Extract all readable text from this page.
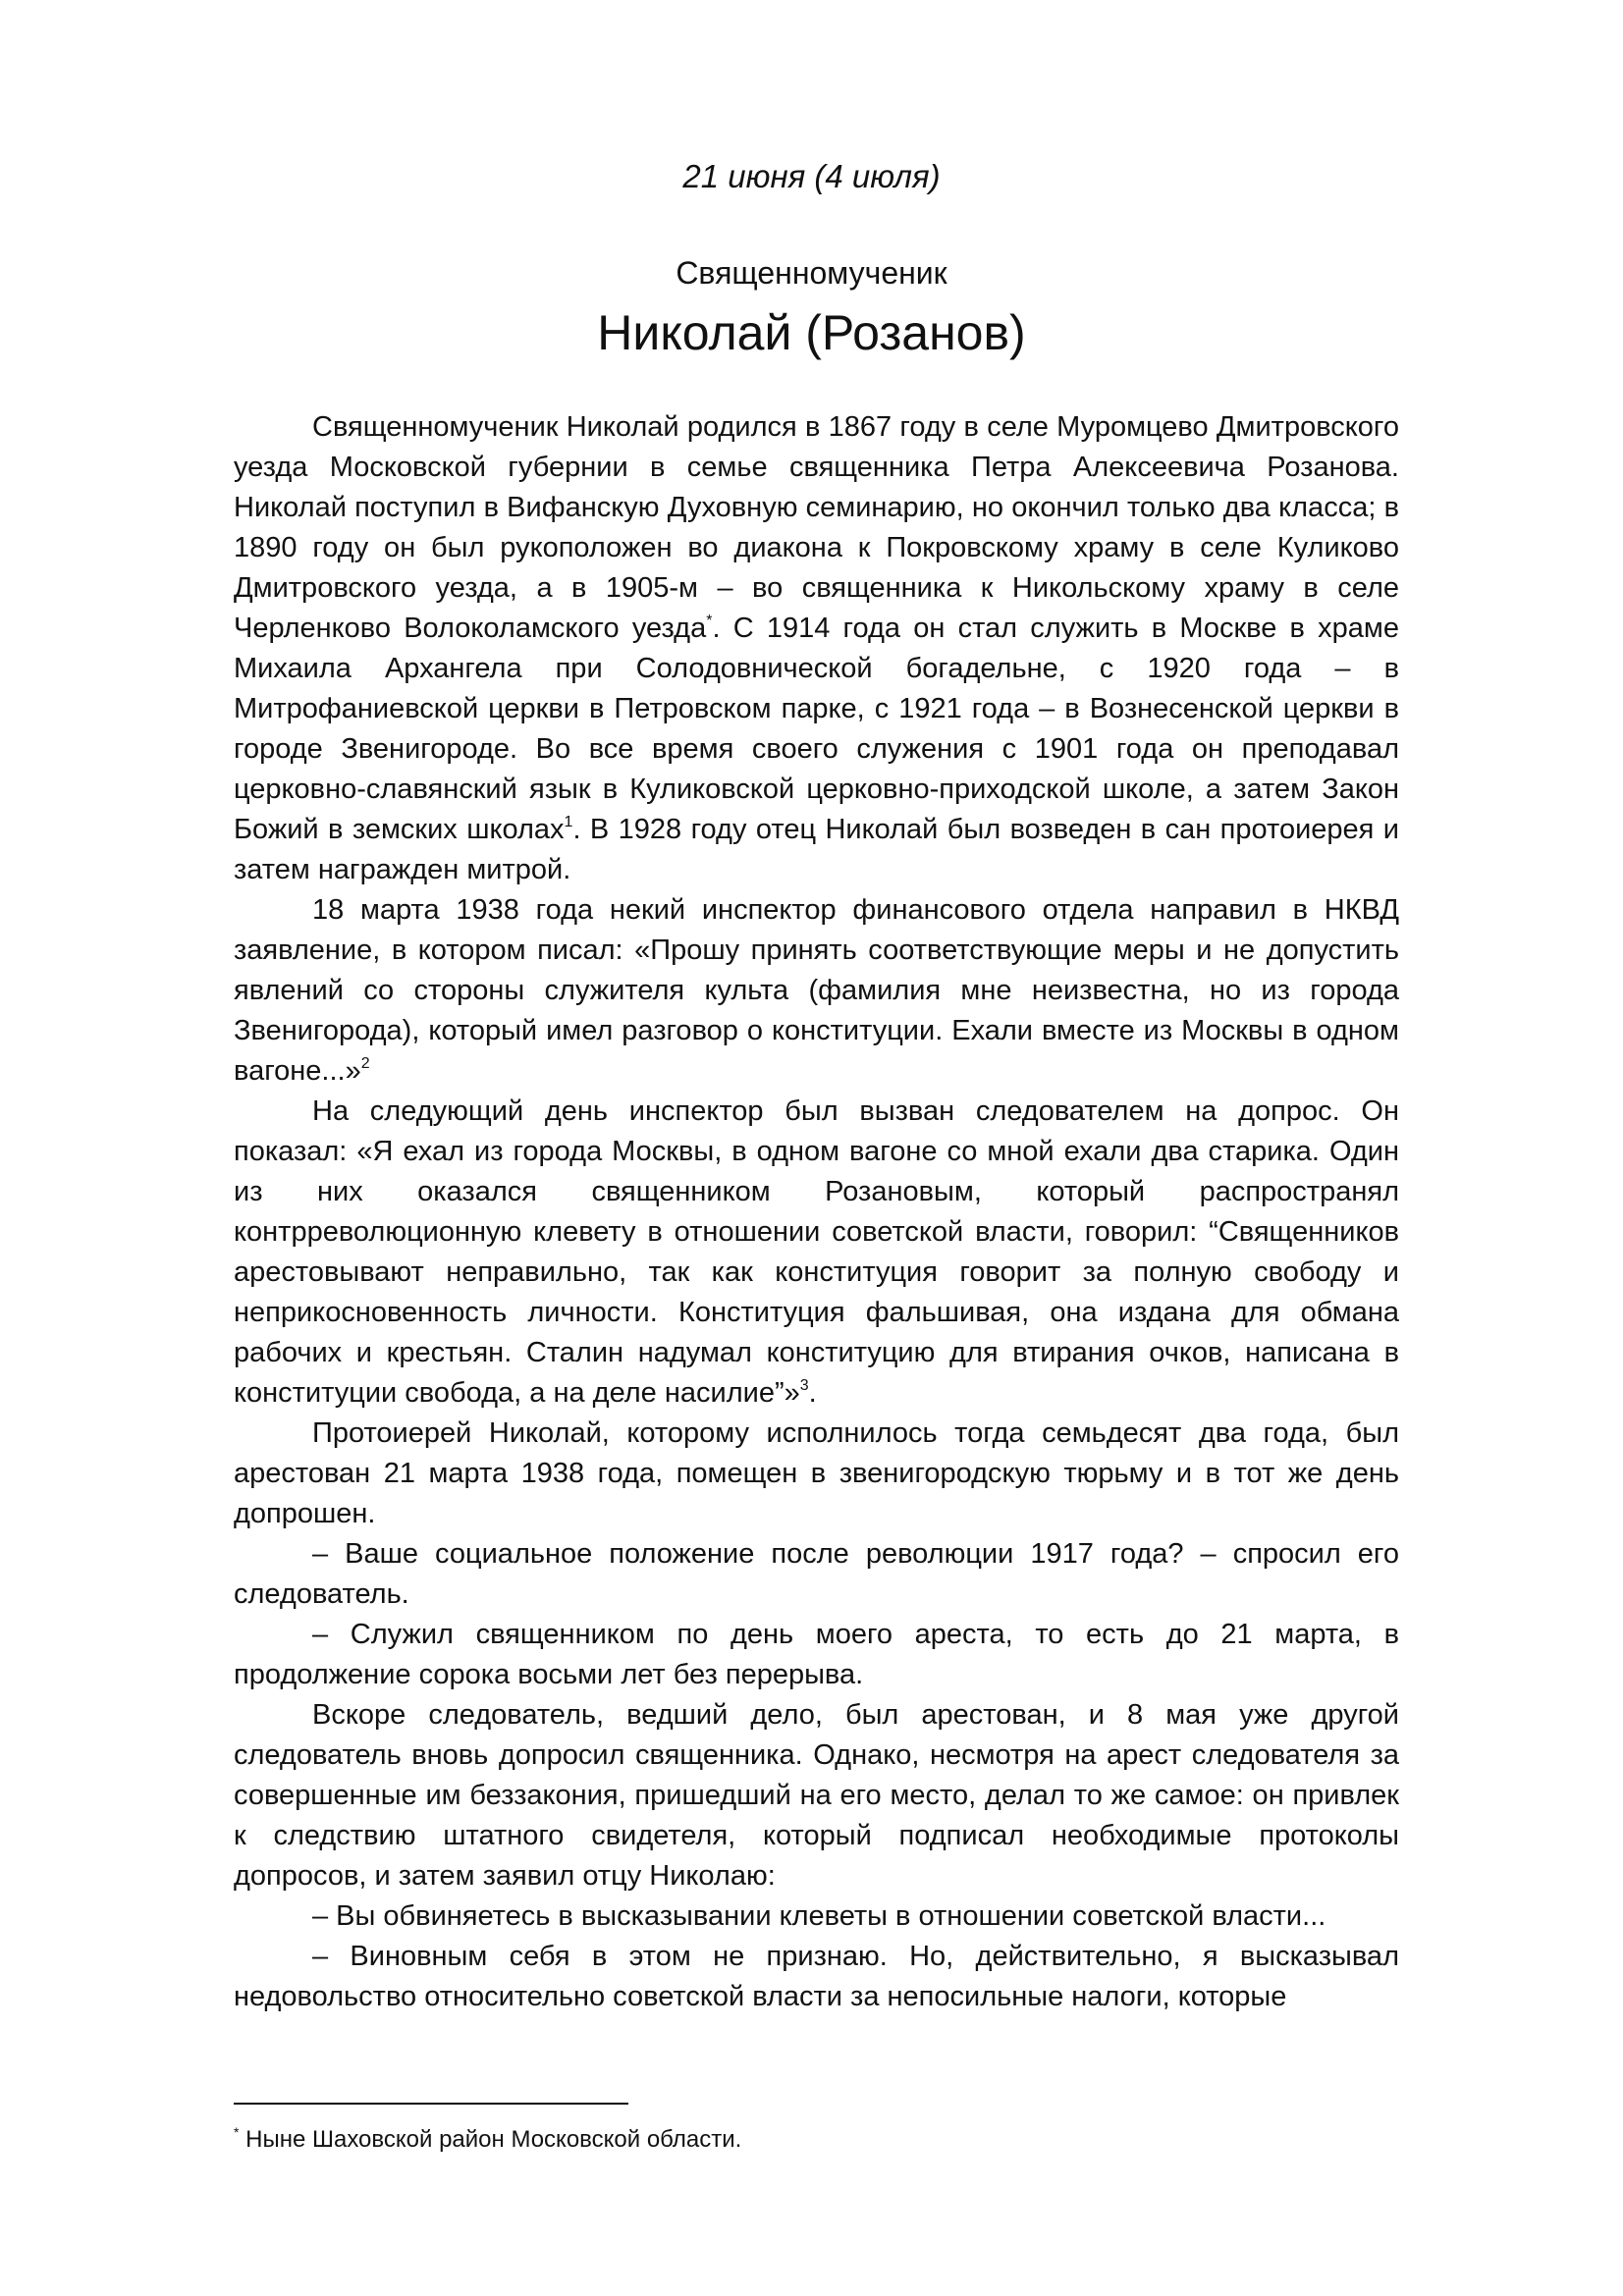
21 июня (4 июля)
Священномученик
Николай (Розанов)

Священномученик Николай родился в 1867 году в селе Муромцево Дмитровского уезда Московской губернии в семье священника Петра Алексеевича Розанова. Николай поступил в Вифанскую Духовную семинарию, но окончил только два класса; в 1890 году он был рукоположен во диакона к Покровскому храму в селе Куликово Дмитровского уезда, а в 1905-м – во священника к Никольскому храму в селе Черленково Волоколамского уезда*. С 1914 года он стал служить в Москве в храме Михаила Архангела при Солодовнической богадельне, с 1920 года – в Митрофаниевской церкви в Петровском парке, с 1921 года – в Вознесенской церкви в городе Звенигороде. Во все время своего служения с 1901 года он преподавал церковно-славянский язык в Куликовской церковно-приходской школе, а затем Закон Божий в земских школах$^1$. В 1928 году отец Николай был возведен в сан протоиерея и затем награжден митрой.

18 марта 1938 года некий инспектор финансового отдела направил в НКВД заявление, в котором писал: «Прошу принять соответствующие меры и не допустить явлений со стороны служителя культа (фамилия мне неизвестна, но из города Звенигорода), который имел разговор о конституции. Ехали вместе из Москвы в одном вагоне...»$^2$

На следующий день инспектор был вызван следователем на допрос. Он показал: «Я ехал из города Москвы, в одном вагоне со мной ехали два старика. Один из них оказался священником Розановым, который распространял контрреволюционную клевету в отношении советской власти, говорил: “Священников арестовывают неправильно, так как конституция говорит за полную свободу и неприкосновенность личности. Конституция фальшивая, она издана для обмана рабочих и крестьян. Сталин надумал конституцию для втирания очков, написана в конституции свобода, а на деле насилие”»$^3$.

Протоиерей Николай, которому исполнилось тогда семьдесят два года, был арестован 21 марта 1938 года, помещен в звенигородскую тюрьму и в тот же день допрошен.

– Ваше социальное положение после революции 1917 года? – спросил его следователь.

– Служил священником по день моего ареста, то есть до 21 марта, в продолжение сорока восьми лет без перерыва.

Вскоре следователь, ведший дело, был арестован, и 8 мая уже другой следователь вновь допросил священника. Однако, несмотря на арест следователя за совершенные им беззакония, пришедший на его место, делал то же самое: он привлек к следствию штатного свидетеля, который подписал необходимые протоколы допросов, и затем заявил отцу Николаю:

– Вы обвиняетесь в высказывании клеветы в отношении советской власти...

– Виновным себя в этом не признаю. Но, действительно, я высказывал недовольство относительно советской власти за непосильные налоги, которые

* Ныне Шаховской район Московской области.
